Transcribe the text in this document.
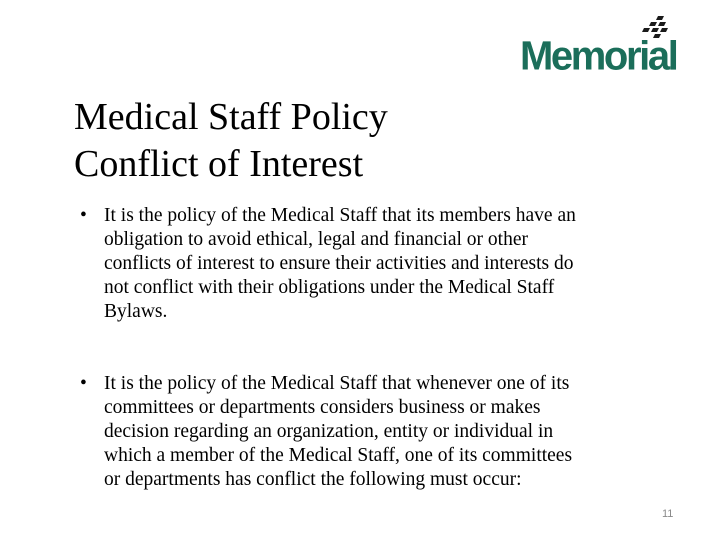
Memorial
Medical Staff Policy
Conflict of Interest
• It is the policy of the Medical Staff that its members have an
obligation to avoid ethical, legal and financial or other
conflicts of interest to ensure their activities and interests do
not conflict with their obligations under the Medical Staff
Bylaws.
• It is the policy of the Medical Staff that whenever one of its
committees or departments considers business or makes
decision regarding an organization, entity or individual in
which a member of the Medical Staff, one of its committees
or departments has conflict the following must occur:
11
